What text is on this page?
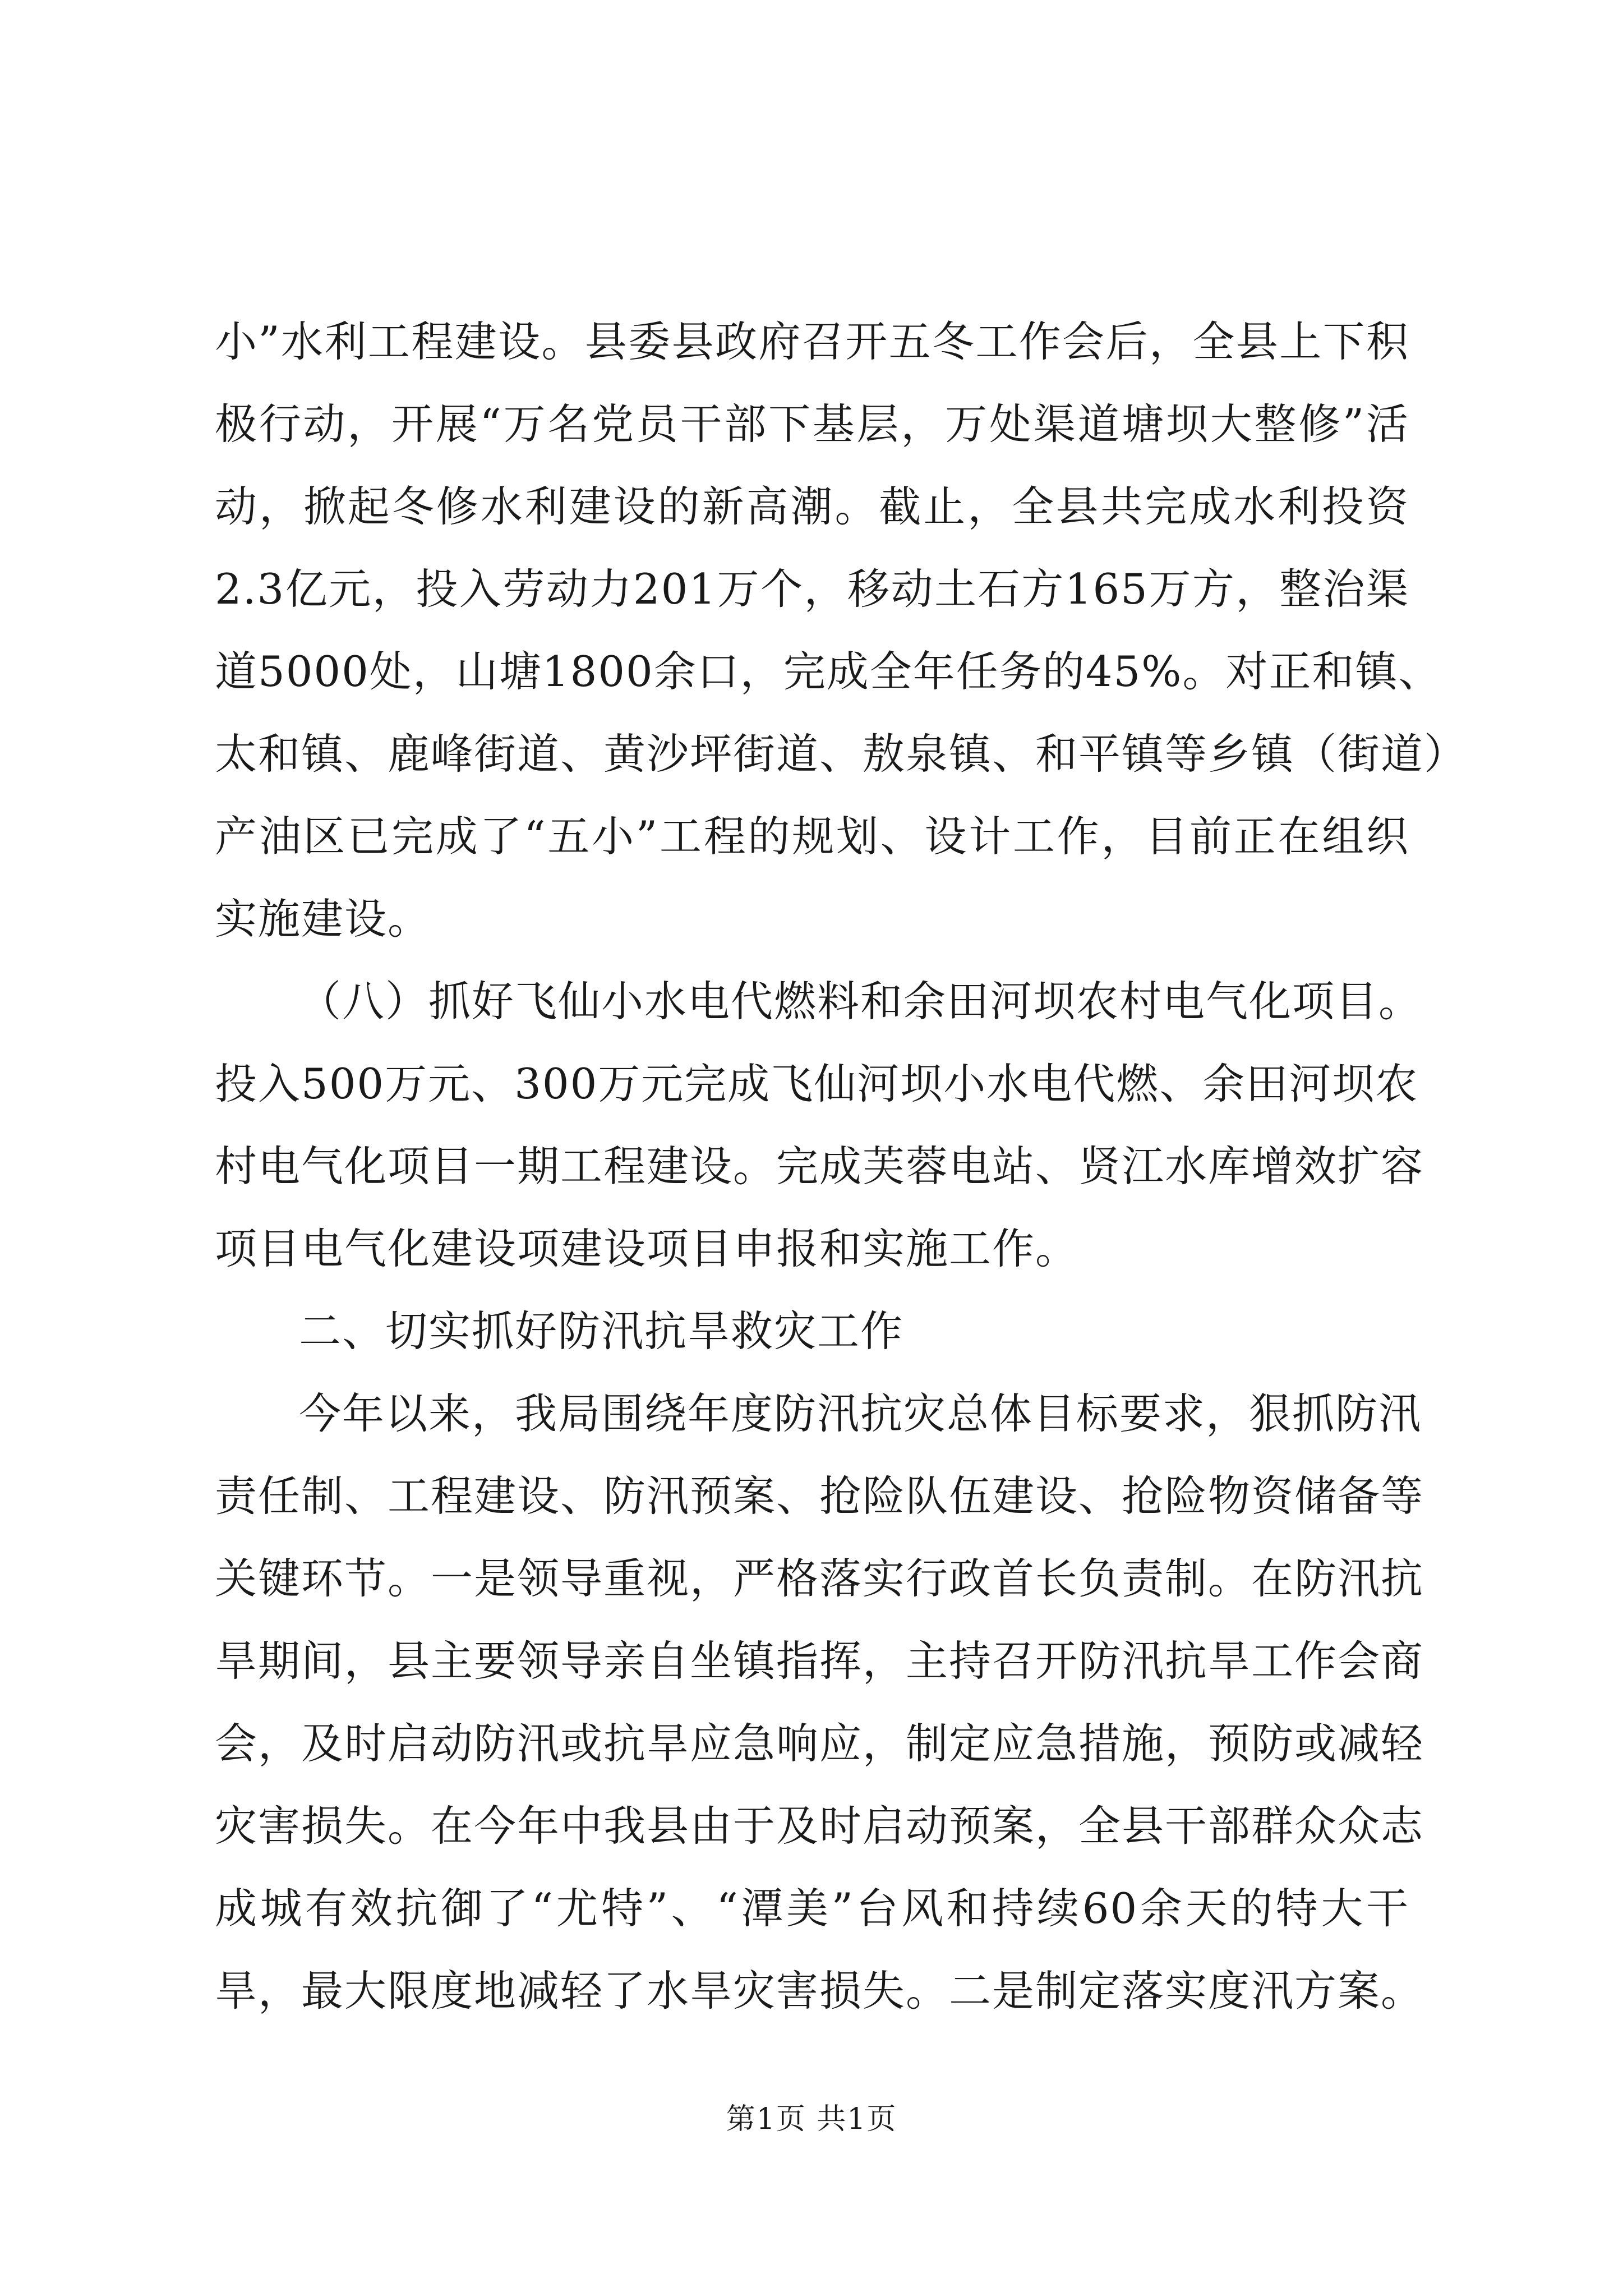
小”水利工程建设。县委县政府召开五冬工作会后，全县上下积
极行动，开展“万名党员干部下基层，万处渠道塘坝大整修”活
动，掀起冬修水利建设的新高潮。截止，全县共完成水利投资
2.3亿元，投入劳动力201万个，移动土石方165万方，整治渠
道5000处，山塘1800余口，完成全年任务的45%。对正和镇、
太和镇、鹿峰街道、黄沙坪街道、敖泉镇、和平镇等乡镇（街道）
产油区已完成了“五小”工程的规划、设计工作，目前正在组织
实施建设。
（八）抓好飞仙小水电代燃料和余田河坝农村电气化项目。
投入500万元、300万元完成飞仙河坝小水电代燃、余田河坝农
村电气化项目一期工程建设。完成芙蓉电站、贤江水库增效扩容
项目电气化建设项建设项目申报和实施工作。
二、切实抓好防汛抗旱救灾工作
今年以来，我局围绕年度防汛抗灾总体目标要求，狠抓防汛
责任制、工程建设、防汛预案、抢险队伍建设、抢险物资储备等
关键环节。一是领导重视，严格落实行政首长负责制。在防汛抗
旱期间，县主要领导亲自坐镇指挥，主持召开防汛抗旱工作会商
会，及时启动防汛或抗旱应急响应，制定应急措施，预防或减轻
灾害损失。在今年中我县由于及时启动预案，全县干部群众众志
成城有效抗御了“尤特”、“潭美”台风和持续60余天的特大干
旱，最大限度地减轻了水旱灾害损失。二是制定落实度汛方案。
第1页 共1页
